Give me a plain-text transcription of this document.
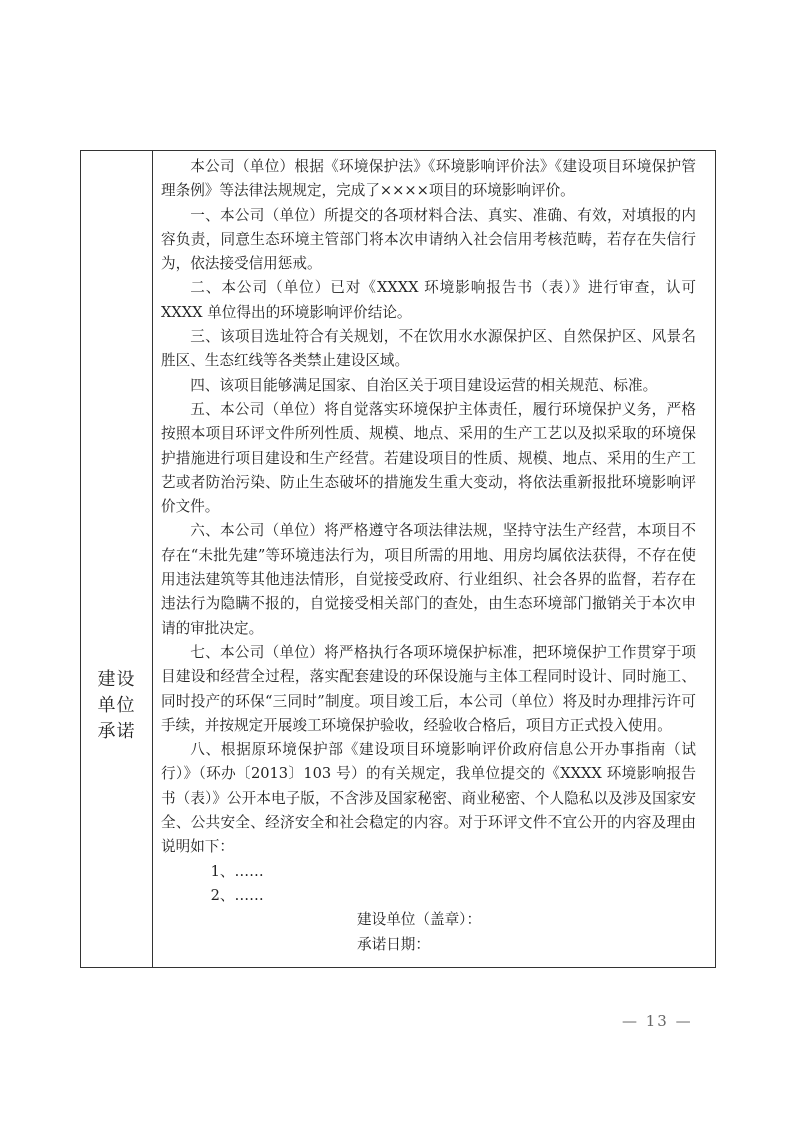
建设
单位
承诺

本公司（单位）根据《环境保护法》《环境影响评价法》《建设项目环境保护管理条例》等法律法规规定，完成了××××项目的环境影响评价。

一、本公司（单位）所提交的各项材料合法、真实、准确、有效，对填报的内容负责，同意生态环境主管部门将本次申请纳入社会信用考核范畴，若存在失信行为，依法接受信用惩戒。

二、本公司（单位）已对《XXXX 环境影响报告书（表）》进行审查，认可 XXXX 单位得出的环境影响评价结论。

三、该项目选址符合有关规划，不在饮用水水源保护区、自然保护区、风景名胜区、生态红线等各类禁止建设区域。

四、该项目能够满足国家、自治区关于项目建设运营的相关规范、标准。

五、本公司（单位）将自觉落实环境保护主体责任，履行环境保护义务，严格按照本项目环评文件所列性质、规模、地点、采用的生产工艺以及拟采取的环境保护措施进行项目建设和生产经营。若建设项目的性质、规模、地点、采用的生产工艺或者防治污染、防止生态破坏的措施发生重大变动，将依法重新报批环境影响评价文件。

六、本公司（单位）将严格遵守各项法律法规，坚持守法生产经营，本项目不存在“未批先建”等环境违法行为，项目所需的用地、用房均属依法获得，不存在使用违法建筑等其他违法情形，自觉接受政府、行业组织、社会各界的监督，若存在违法行为隐瞒不报的，自觉接受相关部门的查处，由生态环境部门撤销关于本次申请的审批决定。

七、本公司（单位）将严格执行各项环境保护标准，把环境保护工作贯穿于项目建设和经营全过程，落实配套建设的环保设施与主体工程同时设计、同时施工、同时投产的环保“三同时”制度。项目竣工后，本公司（单位）将及时办理排污许可手续，并按规定开展竣工环境保护验收，经验收合格后，项目方正式投入使用。

八、根据原环境保护部《建设项目环境影响评价政府信息公开办事指南（试行）》（环办〔2013〕103 号）的有关规定，我单位提交的《XXXX 环境影响报告书（表）》公开本电子版，不含涉及国家秘密、商业秘密、个人隐私以及涉及国家安全、公共安全、经济安全和社会稳定的内容。对于环评文件不宜公开的内容及理由说明如下：

1、……

2、……

建设单位（盖章）：

承诺日期：

— 13 —
